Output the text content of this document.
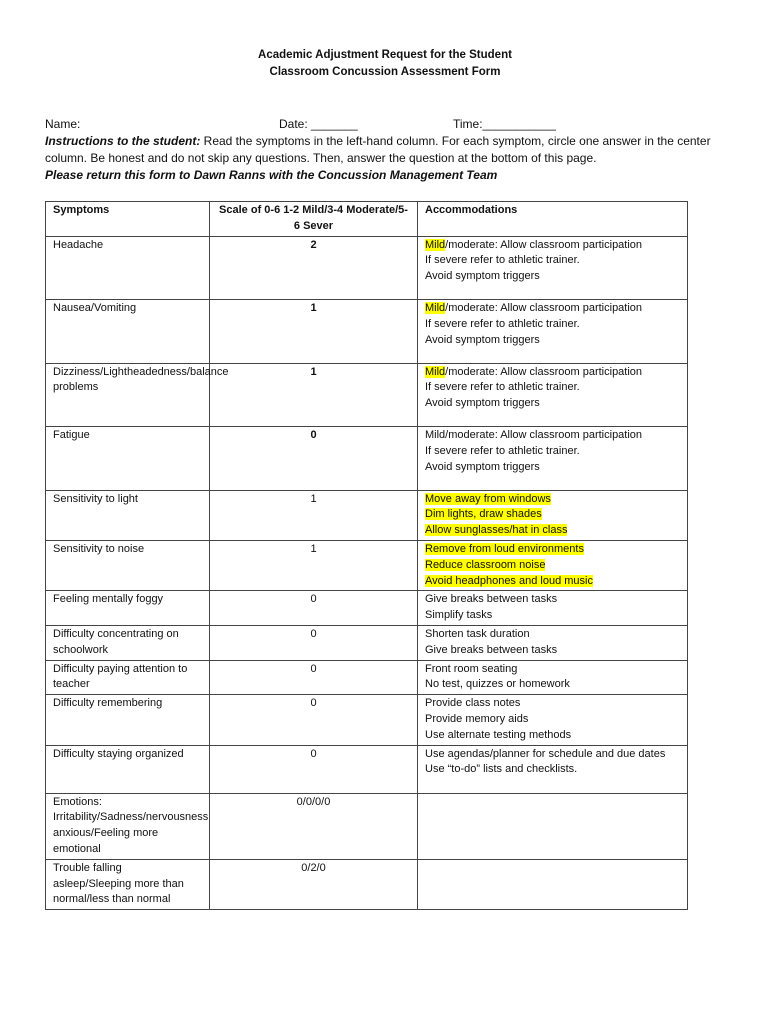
Academic Adjustment Request for the Student
Classroom Concussion Assessment Form
Name:	Date: _______	Time:___________
Instructions to the student: Read the symptoms in the left-hand column. For each symptom, circle one answer in the center column. Be honest and do not skip any questions. Then, answer the question at the bottom of this page.
Please return this form to Dawn Ranns with the Concussion Management Team
Symptoms	Scale of 0-6 1-2 Mild/3-4 Moderate/5-6 Sever	Accommodations
Headache	2	Mild/moderate: Allow classroom participation
If severe refer to athletic trainer.
Avoid symptom triggers

Nausea/Vomiting	1	Mild/moderate: Allow classroom participation
If severe refer to athletic trainer.
Avoid symptom triggers

Dizziness/Lightheadedness/balance problems	1	Mild/moderate: Allow classroom participation
If severe refer to athletic trainer.
Avoid symptom triggers

Fatigue	0	Mild/moderate: Allow classroom participation
If severe refer to athletic trainer.
Avoid symptom triggers

Sensitivity to light	1	Move away from windows
Dim lights, draw shades
Allow sunglasses/hat in class

Sensitivity to noise	1	Remove from loud environments
Reduce classroom noise
Avoid headphones and loud music

Feeling mentally foggy	0	Give breaks between tasks
Simplify tasks

Difficulty concentrating on schoolwork	0	Shorten task duration
Give breaks between tasks

Difficulty paying attention to teacher	0	Front room seating
No test, quizzes or homework

Difficulty remembering	0	Provide class notes
Provide memory aids
Use alternate testing methods

Difficulty staying organized	0	Use agendas/planner for schedule and due dates
Use “to-do” lists and checklists.

Emotions: Irritability/Sadness/nervousness anxious/Feeling more emotional	0/0/0/0	
Trouble falling asleep/Sleeping more than normal/less than normal	0/2/0	
